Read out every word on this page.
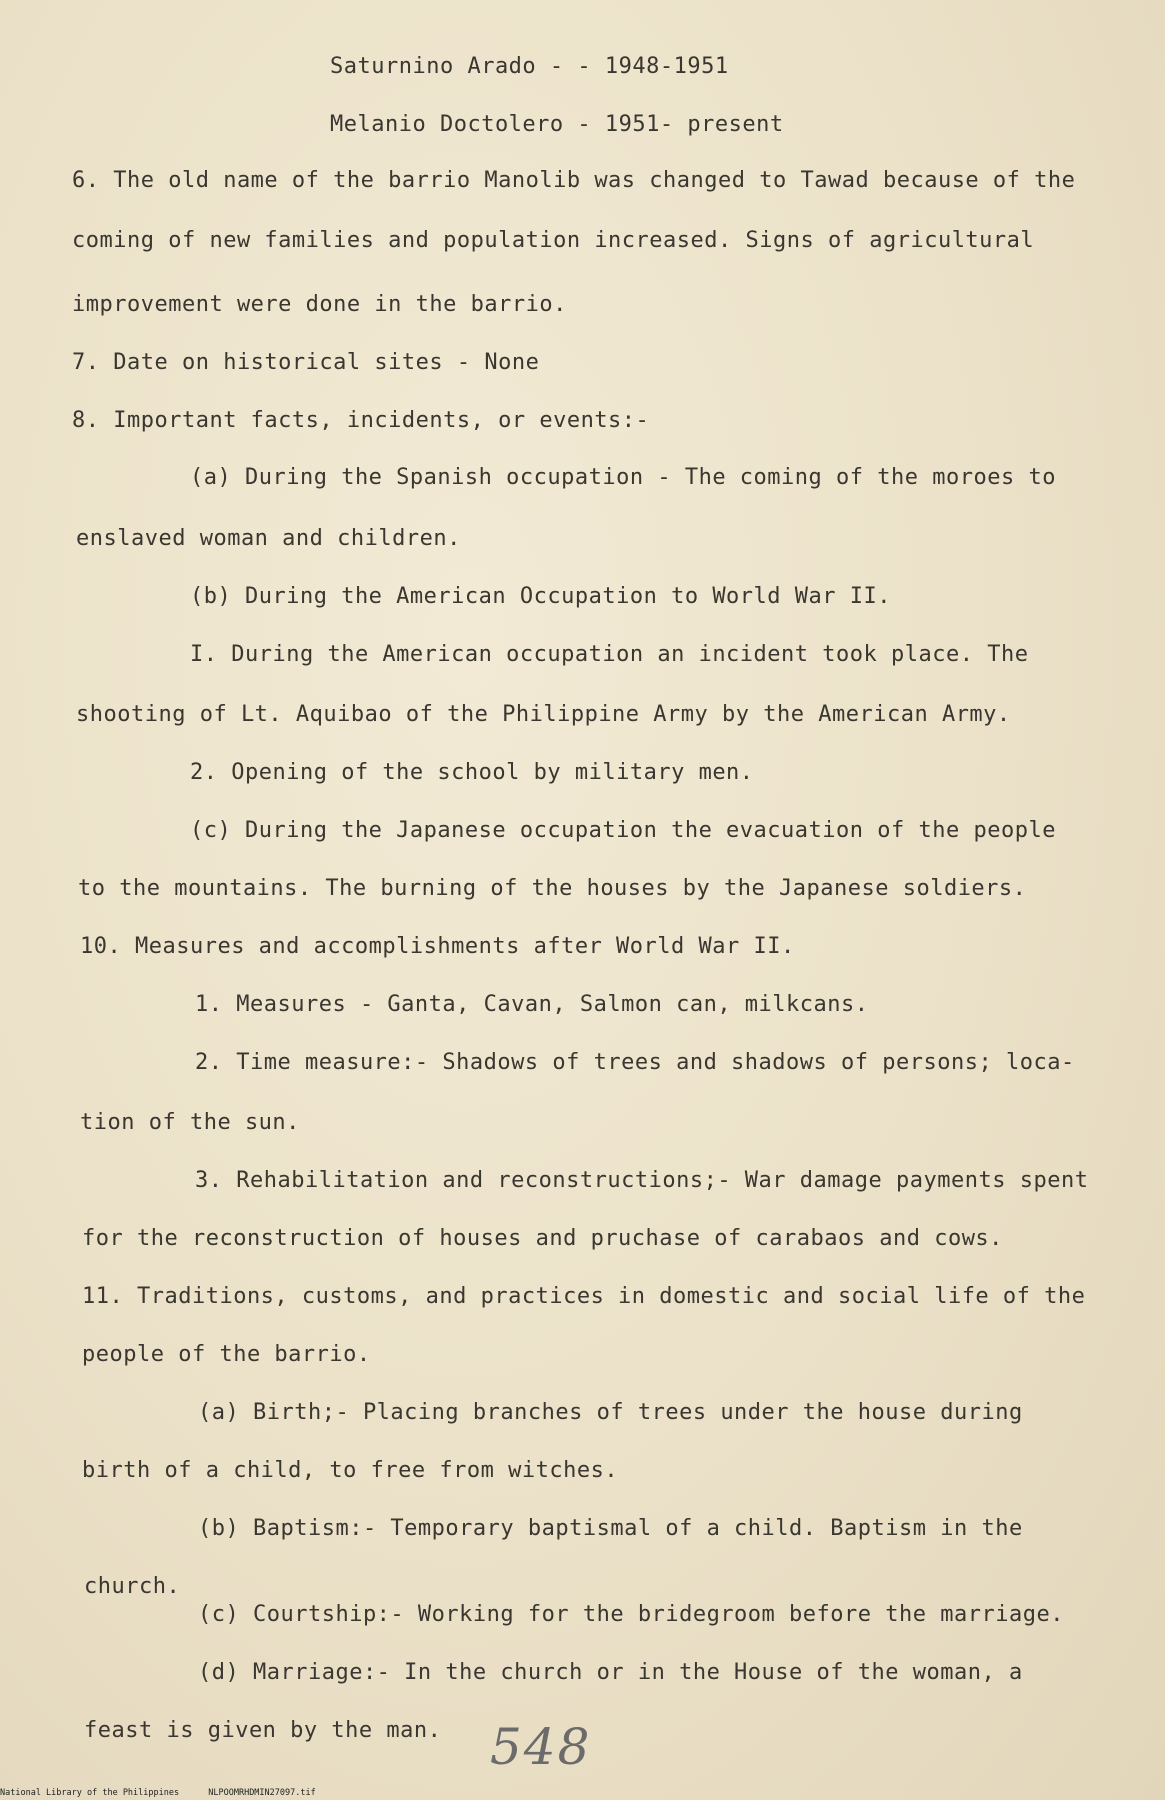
Saturnino Arado - - 1948-1951
Melanio Doctolero - 1951- present
6. The old name of the barrio Manolib was changed to Tawad because of the
coming of new families and population increased. Signs of agricultural
improvement were done in the barrio.
7. Date on historical sites - None
8. Important facts, incidents, or events:-
(a) During the Spanish occupation - The coming of the moroes to
enslaved woman and children.
(b) During the American Occupation to World War II.
I. During the American occupation an incident took place. The
shooting of Lt. Aquibao of the Philippine Army by the American Army.
2. Opening of the school by military men.
(c) During the Japanese occupation the evacuation of the people
to the mountains. The burning of the houses by the Japanese soldiers.
10. Measures and accomplishments after World War II.
1. Measures - Ganta, Cavan, Salmon can, milkcans.
2. Time measure:- Shadows of trees and shadows of persons; loca-
tion of the sun.
3. Rehabilitation and reconstructions;- War damage payments spent
for the reconstruction of houses and pruchase of carabaos and cows.
11. Traditions, customs, and practices in domestic and social life of the
people of the barrio.
(a) Birth;- Placing branches of trees under the house during
birth of a child, to free from witches.
(b) Baptism:- Temporary baptismal of a child. Baptism in the
church.
(c) Courtship:- Working for the bridegroom before the marriage.
(d) Marriage:- In the church or in the House of the woman, a
feast is given by the man. 548
National Library of the Philippines	NLPOOMRHDMIN27097.tif
